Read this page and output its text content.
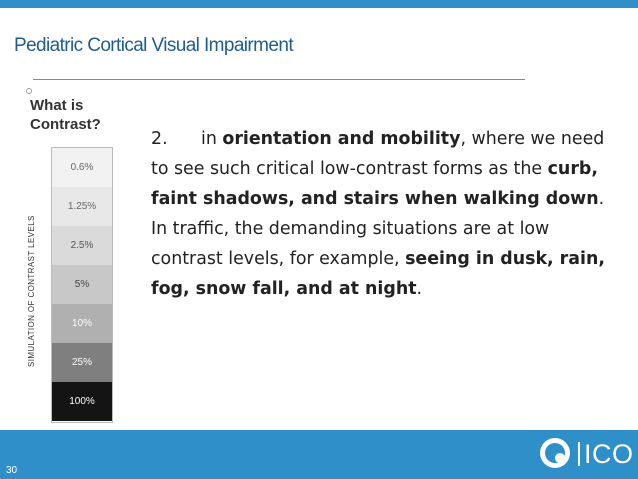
Pediatric Cortical Visual Impairment
What is
Contrast?
SIMULATION OF CONTRAST LEVELS
0.6%
1.25%
2.5%
5%
10%
25%
100%
2. in orientation and mobility, where we need to see such critical low-contrast forms as the curb, faint shadows, and stairs when walking down. In traffic, the demanding situations are at low contrast levels, for example, seeing in dusk, rain, fog, snow fall, and at night.
30
ICO
